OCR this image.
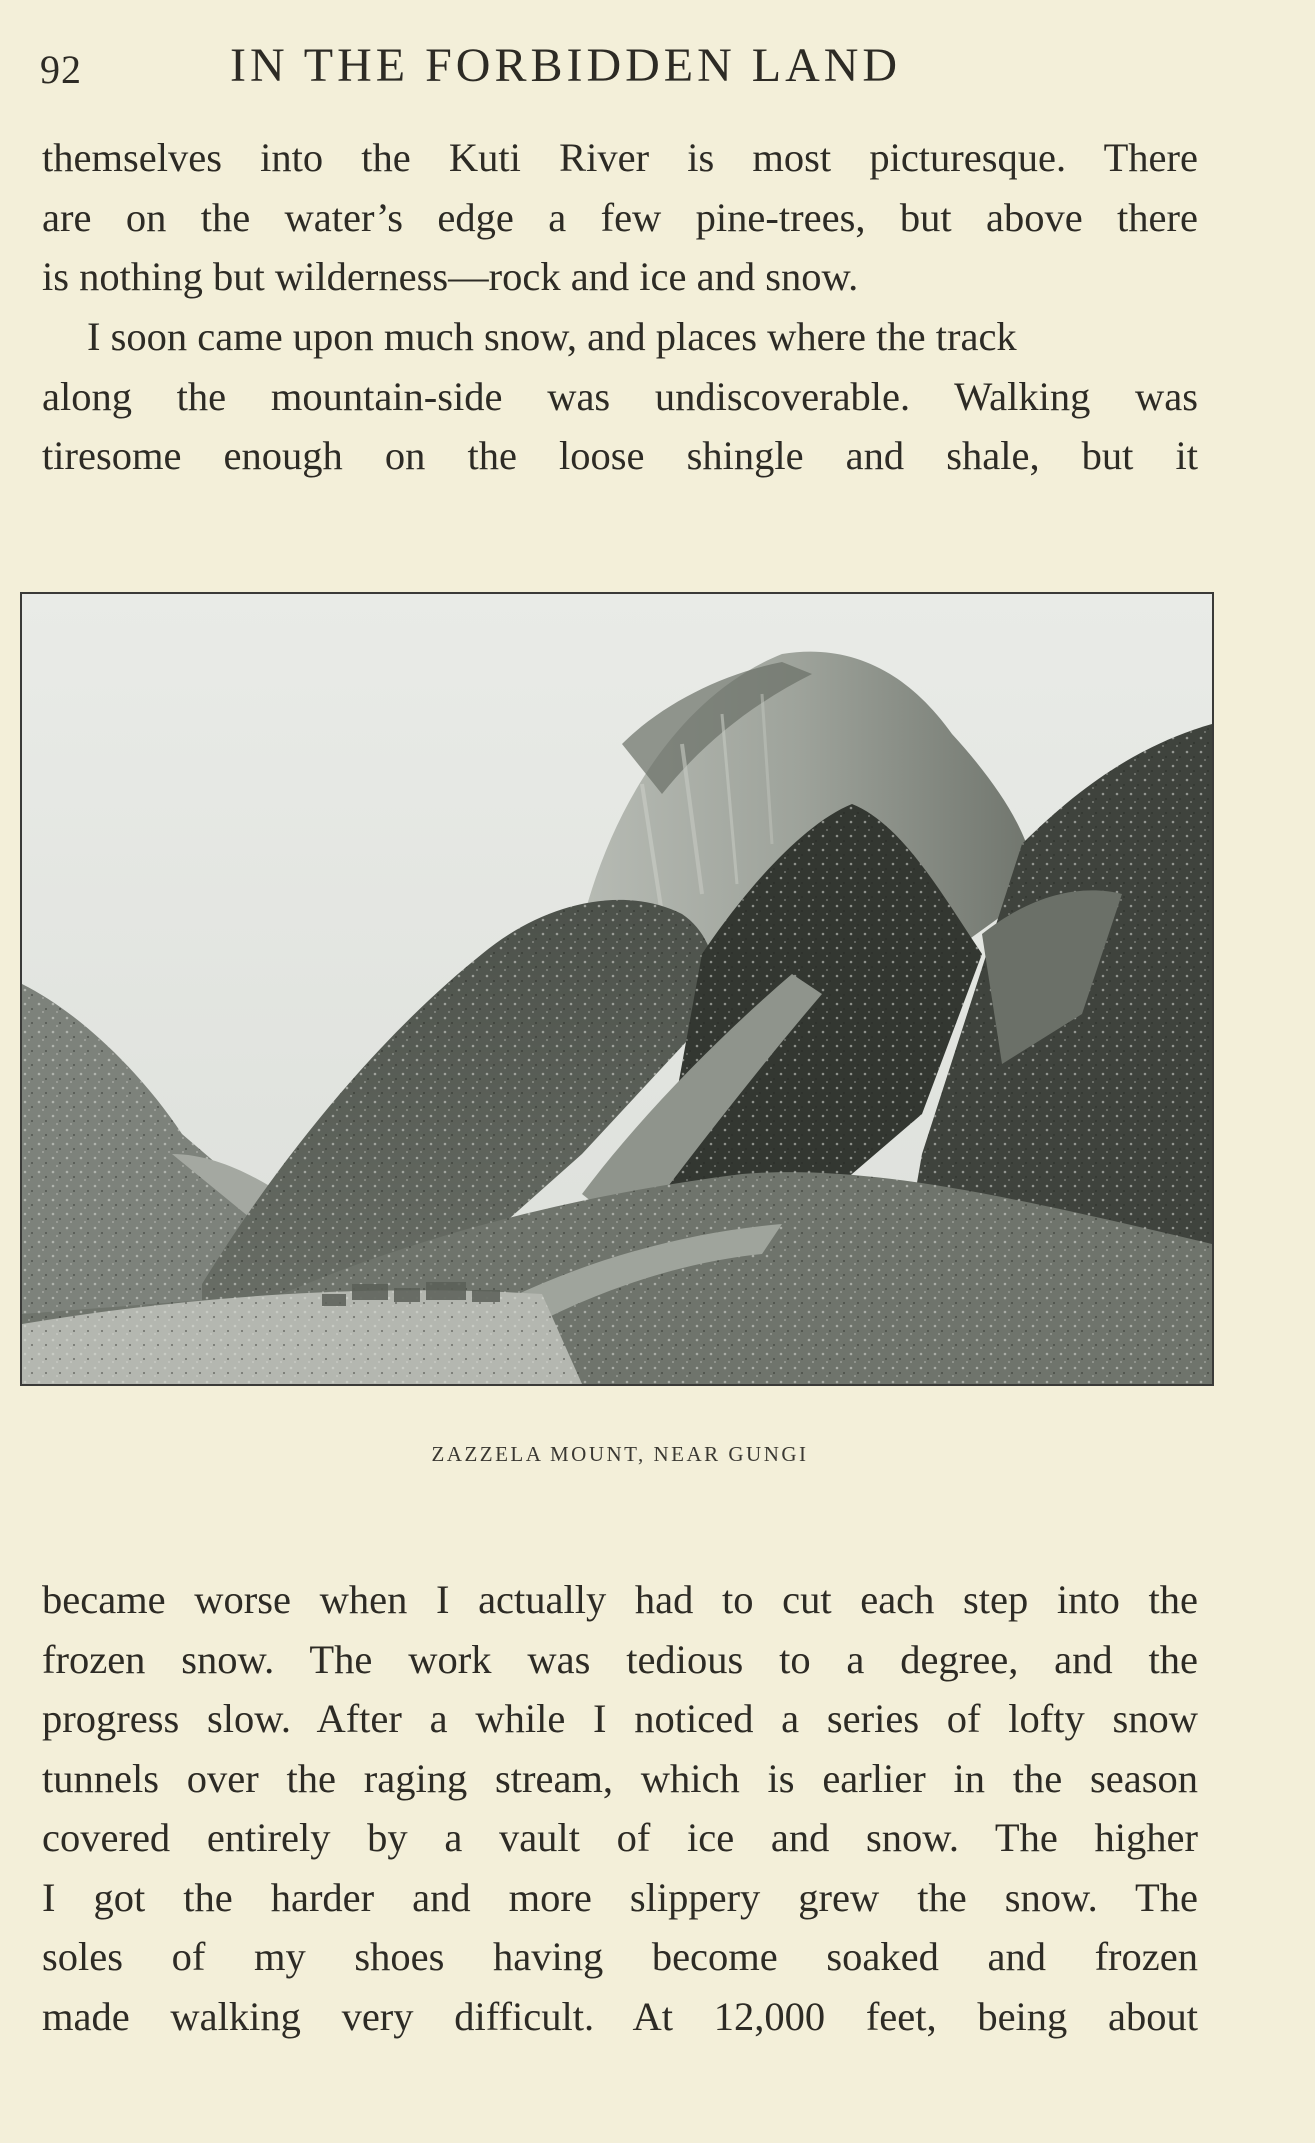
92	IN THE FORBIDDEN LAND
themselves into the Kuti River is most picturesque. There
are on the water’s edge a few pine-trees, but above there
is nothing but wilderness—rock and ice and snow.
I soon came upon much snow, and places where the track
along the mountain-side was undiscoverable. Walking was
tiresome enough on the loose shingle and shale, but it
ZAZZELA MOUNT, NEAR GUNGI
became worse when I actually had to cut each step into the
frozen snow. The work was tedious to a degree, and the
progress slow. After a while I noticed a series of lofty snow
tunnels over the raging stream, which is earlier in the season
covered entirely by a vault of ice and snow. The higher
I got the harder and more slippery grew the snow. The
soles of my shoes having become soaked and frozen
made walking very difficult. At 12,000 feet, being about
